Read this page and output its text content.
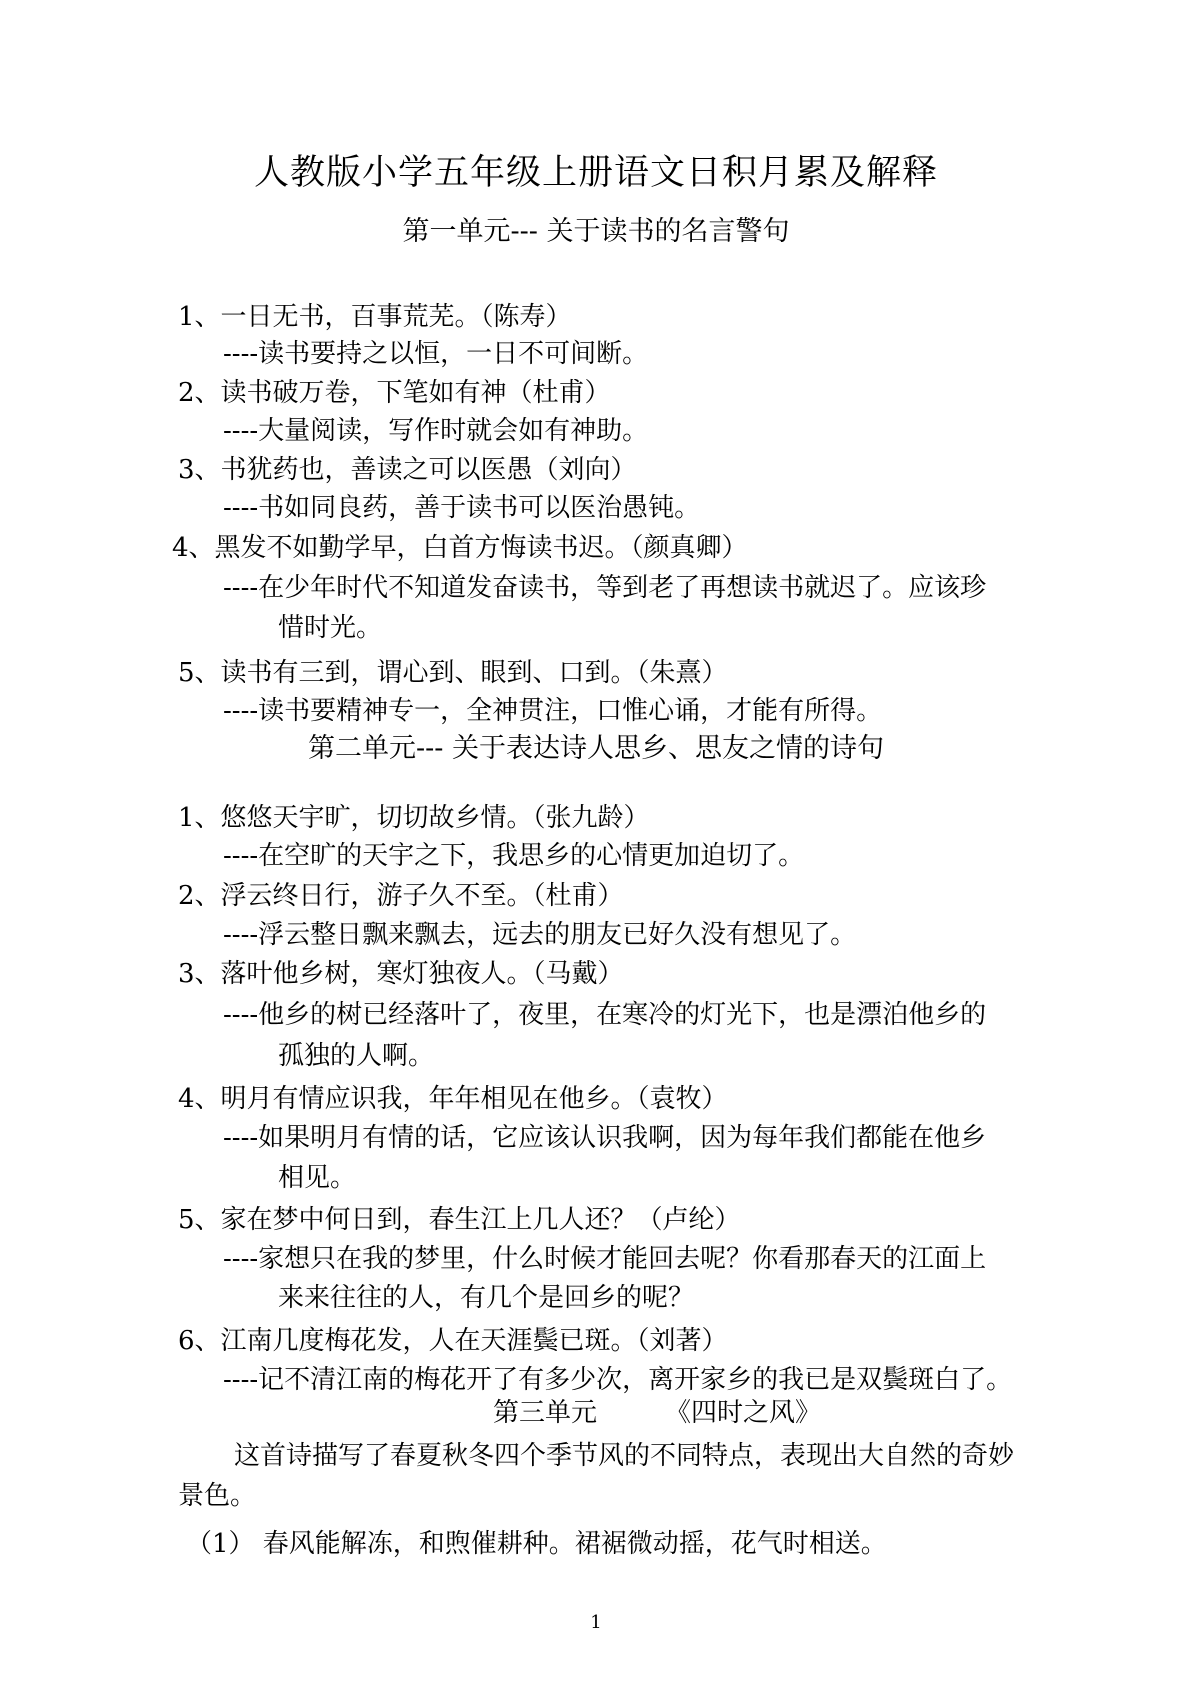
人教版小学五年级上册语文日积月累及解释
第一单元--- 关于读书的名言警句
1、一日无书，百事荒芜。（陈寿）
----读书要持之以恒，一日不可间断。
2、读书破万卷，下笔如有神（杜甫）
----大量阅读，写作时就会如有神助。
3、书犹药也，善读之可以医愚（刘向）
----书如同良药，善于读书可以医治愚钝。
4、黑发不如勤学早，白首方悔读书迟。（颜真卿）
----在少年时代不知道发奋读书，等到老了再想读书就迟了。应该珍
惜时光。
5、读书有三到，谓心到、眼到、口到。（朱熹）
----读书要精神专一，全神贯注，口惟心诵，才能有所得。
第二单元--- 关于表达诗人思乡、思友之情的诗句
1、悠悠天宇旷，切切故乡情。（张九龄）
----在空旷的天宇之下，我思乡的心情更加迫切了。
2、浮云终日行，游子久不至。（杜甫）
----浮云整日飘来飘去，远去的朋友已好久没有想见了。
3、落叶他乡树，寒灯独夜人。（马戴）
----他乡的树已经落叶了，夜里，在寒冷的灯光下，也是漂泊他乡的
孤独的人啊。
4、明月有情应识我，年年相见在他乡。（袁牧）
----如果明月有情的话，它应该认识我啊，因为每年我们都能在他乡
相见。
5、家在梦中何日到，春生江上几人还？（卢纶）
----家想只在我的梦里，什么时候才能回去呢？你看那春天的江面上
来来往往的人，有几个是回乡的呢？
6、江南几度梅花发，人在天涯鬓已斑。（刘著）
----记不清江南的梅花开了有多少次，离开家乡的我已是双鬓斑白了。
第三单元	《四时之风》
这首诗描写了春夏秋冬四个季节风的不同特点，表现出大自然的奇妙
景色。
（1） 春风能解冻，和煦催耕种。裙裾微动摇，花气时相送。
1
